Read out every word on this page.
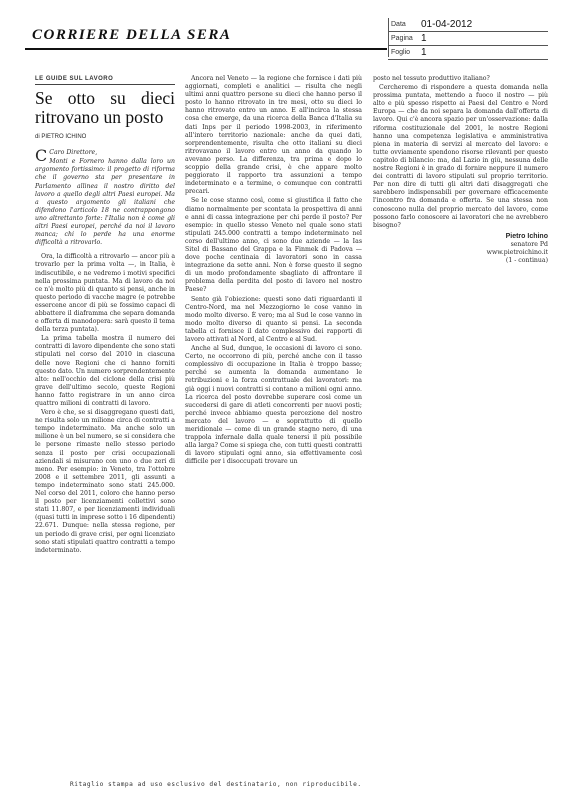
CORRIERE DELLA SERA
Data	01-04-2012
Pagina 1
Foglio	1
LE GUIDE SUL LAVORO
Se otto su dieci ritrovano un posto
di PIETRO ICHINO

C Caro Direttore,

Monti e Fornero hanno dalla loro un argomento fortissimo: il progetto di riforma che il governo sta per presentare in Parlamento allinea il nostro diritto del lavoro a quello degli altri Paesi europei. Ma a questo argomento gli italiani che difendono l'articolo 18 ne contrappongono uno altrettanto forte: l'Italia non è come gli altri Paesi europei, perché da noi il lavoro manca; chi lo perde ha una enorme difficoltà a ritrovarlo.

Ora, la difficoltà a ritrovarlo — ancor più a trovarlo per la prima volta —, in Italia, è indiscutibile, e ne vedremo i motivi specifici nella prossima puntata. Ma di lavoro da noi ce n'è molto più di quanto si pensi, anche in questo periodo di vacche magre (e potrebbe essercene ancor di più se fossimo capaci di abbattere il diaframma che separa domanda e offerta di manodopera: sarà questo il tema della terza puntata).

La prima tabella mostra il numero dei contratti di lavoro dipendente che sono stati stipulati nel corso del 2010 in ciascuna delle nove Regioni che ci hanno forniti questo dato. Un numero sorprendentemente alto: nell'occhio del ciclone della crisi più grave dell'ultimo secolo, queste Regioni hanno fatto registrare in un anno circa quattro milioni di contratti di lavoro.

Vero è che, se si disaggregano questi dati, ne risulta solo un milione circa di contratti a tempo indeterminato. Ma anche solo un milione è un bel numero, se si considera che le persone rimaste nello stesso periodo senza il posto per crisi occupazionali aziendali si misurano con uno o due zeri di meno. Per esempio: in Veneto, tra l'ottobre 2008 e il settembre 2011, gli assunti a tempo indeterminato sono stati 245.000. Nel corso del 2011, coloro che hanno perso il posto per licenziamenti collettivi sono stati 11.807, e per licenziamenti individuali (quasi tutti in imprese sotto i 16 dipendenti) 22.671. Dunque: nella stessa regione, per un periodo di grave crisi, per ogni licenziato sono stati stipulati quattro contratti a tempo indeterminato.

Ancora nel Veneto — la regione che fornisce i dati più aggiornati, completi e analitici — risulta che negli ultimi anni quattro persone su dieci che hanno perso il posto lo hanno ritrovato in tre mesi, otto su dieci lo hanno ritrovato entro un anno. E all'incirca la stessa cosa che emerge, da una ricerca della Banca d'Italia su dati Inps per il periodo 1998-2003, in riferimento all'intero territorio nazionale: anche da quei dati, sorprendentemente, risulta che otto italiani su dieci ritrovavano il lavoro entro un anno da quando lo avevano perso. La differenza, tra prima e dopo lo scoppio della grande crisi, è che appare molto peggiorato il rapporto tra assunzioni a tempo indeterminato e a termine, o comunque con contratti precari.

Se le cose stanno così, come si giustifica il fatto che diamo normalmente per scontata la prospettiva di anni e anni di cassa integrazione per chi perde il posto? Per esempio: in quello stesso Veneto nel quale sono stati stipulati 245.000 contratti a tempo indeterminato nel corso dell'ultimo anno, ci sono due aziende — la Ias Sitel di Bassano del Grappa e la Finmek di Padova — dove poche centinaia di lavoratori sono in cassa integrazione da sette anni. Non è forse questo il segno di un modo profondamente sbagliato di affrontare il problema della perdita del posto di lavoro nel nostro Paese?

Sento già l'obiezione: questi sono dati riguardanti il Centro-Nord, ma nel Mezzogiorno le cose vanno in modo molto diverso. È vero; ma al Sud le cose vanno in modo molto diverso di quanto si pensi. La seconda tabella ci fornisce il dato complessivo dei rapporti di lavoro attivati al Nord, al Centro e al Sud.

Anche al Sud, dunque, le occasioni di lavoro ci sono. Certo, ne occorrono di più, perché anche con il tasso complessivo di occupazione in Italia è troppo basso; perché se aumenta la domanda aumentano le retribuzioni e la forza contrattuale dei lavoratori: ma già oggi i nuovi contratti si contano a milioni ogni anno. La ricerca del posto dovrebbe superare così come un succedersi di gare di atleti concorrenti per nuovi posti; perché invece abbiamo questa percezione del nostro mercato del lavoro — e soprattutto di quello meridionale — come di un grande stagno nero, di una trappola infernale dalla quale tenersi il più possibile alla larga? Come si spiega che, con tutti questi contratti di lavoro stipulati ogni anno, sia effettivamente così difficile per i disoccupati trovare un

posto nel tessuto produttivo italiano?

Cercheremo di rispondere a questa domanda nella prossima puntata, mettendo a fuoco il nostro — più alto e più spesso rispetto ai Paesi del Centro e Nord Europa — che da noi separa la domanda dall'offerta di lavoro. Qui c'è ancora spazio per un'osservazione: dalla riforma costituzionale del 2001, le nostre Regioni hanno una competenza legislativa e amministrativa piena in materia di servizi al mercato del lavoro: e tutte ovviamente spendono risorse rilevanti per questo capitolo di bilancio: ma, dal Lazio in giù, nessuna delle nostre Regioni è in grado di fornire neppure il numero dei contratti di lavoro stipulati sul proprio territorio. Per non dire di tutti gli altri dati disaggregati che sarebbero indispensabili per governare efficacemente l'incontro fra domanda e offerta. Se una stessa non conoscono nulla del proprio mercato del lavoro, come possono farlo conoscere ai lavoratori che ne avrebbero bisogno?

Pietro Ichino
senatore Pd
www.pietroichino.it
(1 - continua)
Ritaglio stampa ad uso esclusivo del destinatario, non riproducibile.
